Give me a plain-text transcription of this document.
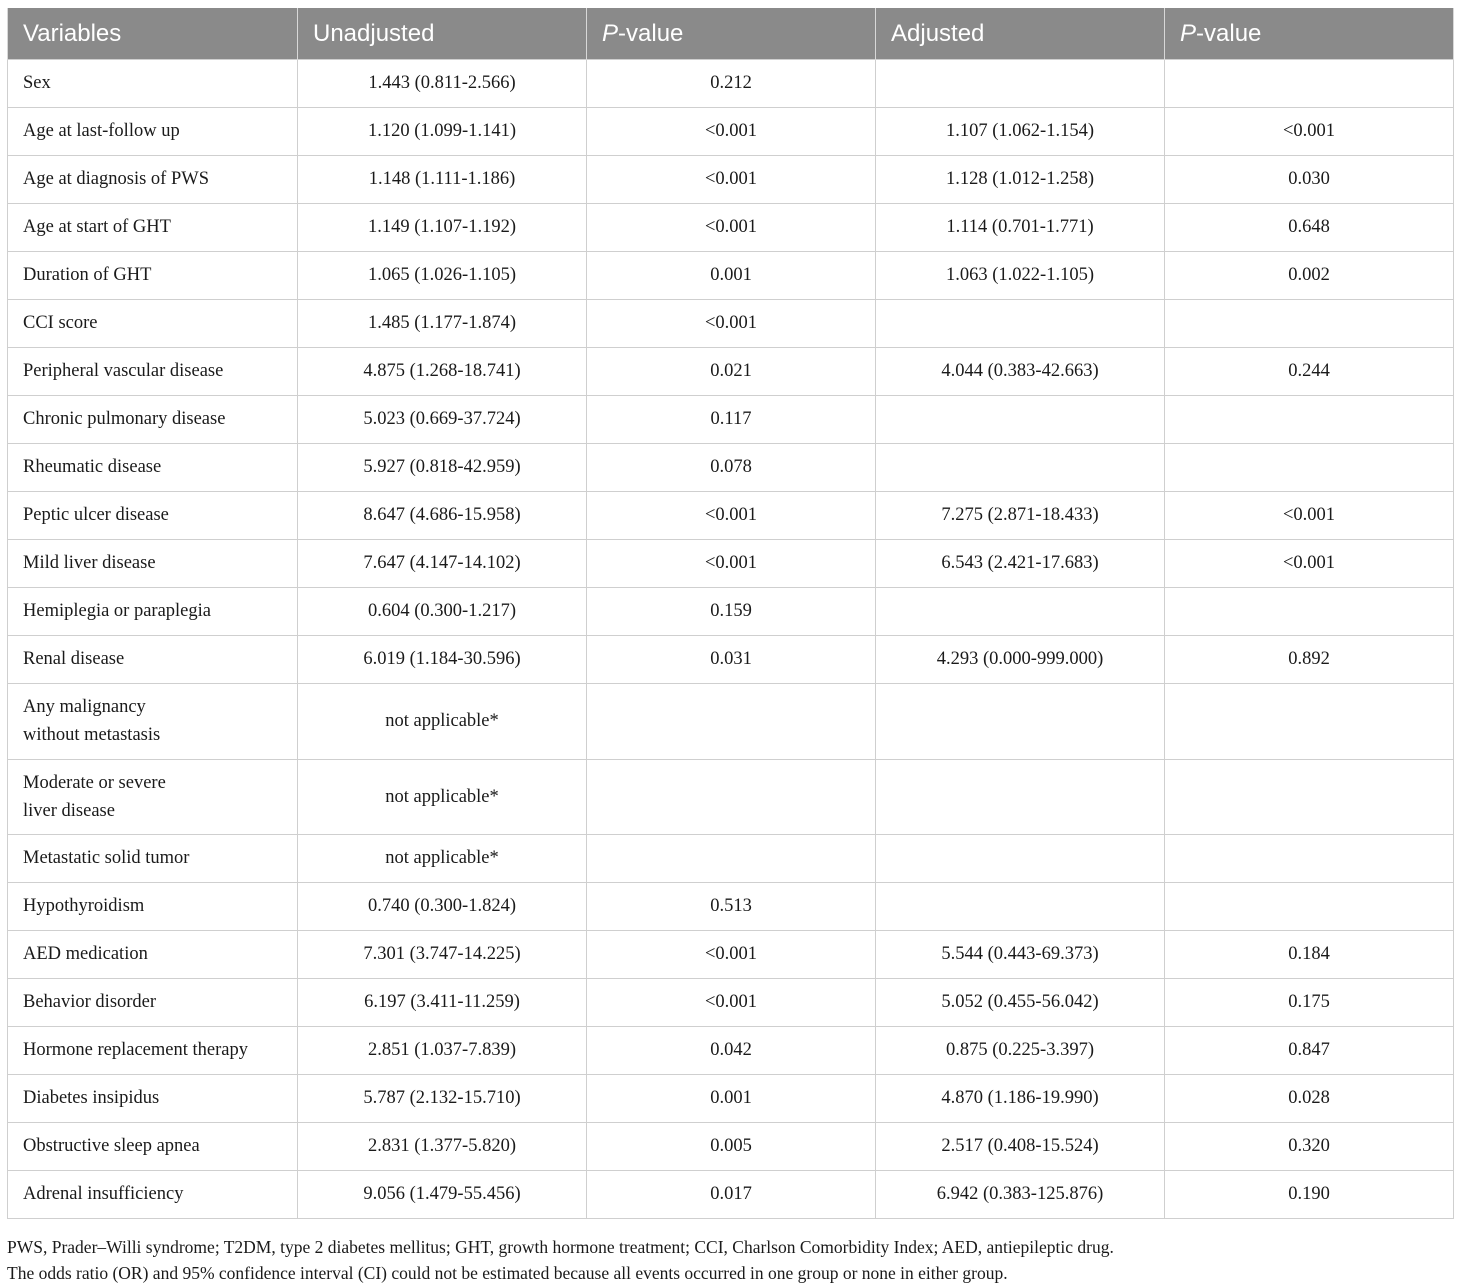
Variables	Unadjusted	P-value	Adjusted	P-value
Sex	1.443 (0.811-2.566)	0.212		
Age at last-follow up	1.120 (1.099-1.141)	<0.001	1.107 (1.062-1.154)	<0.001
Age at diagnosis of PWS	1.148 (1.111-1.186)	<0.001	1.128 (1.012-1.258)	0.030
Age at start of GHT	1.149 (1.107-1.192)	<0.001	1.114 (0.701-1.771)	0.648
Duration of GHT	1.065 (1.026-1.105)	0.001	1.063 (1.022-1.105)	0.002
CCI score	1.485 (1.177-1.874)	<0.001		
Peripheral vascular disease	4.875 (1.268-18.741)	0.021	4.044 (0.383-42.663)	0.244
Chronic pulmonary disease	5.023 (0.669-37.724)	0.117		
Rheumatic disease	5.927 (0.818-42.959)	0.078		
Peptic ulcer disease	8.647 (4.686-15.958)	<0.001	7.275 (2.871-18.433)	<0.001
Mild liver disease	7.647 (4.147-14.102)	<0.001	6.543 (2.421-17.683)	<0.001
Hemiplegia or paraplegia	0.604 (0.300-1.217)	0.159		
Renal disease	6.019 (1.184-30.596)	0.031	4.293 (0.000-999.000)	0.892
Any malignancy
without metastasis	not applicable*			
Moderate or severe
liver disease	not applicable*			
Metastatic solid tumor	not applicable*			
Hypothyroidism	0.740 (0.300-1.824)	0.513		
AED medication	7.301 (3.747-14.225)	<0.001	5.544 (0.443-69.373)	0.184
Behavior disorder	6.197 (3.411-11.259)	<0.001	5.052 (0.455-56.042)	0.175
Hormone replacement therapy	2.851 (1.037-7.839)	0.042	0.875 (0.225-3.397)	0.847
Diabetes insipidus	5.787 (2.132-15.710)	0.001	4.870 (1.186-19.990)	0.028
Obstructive sleep apnea	2.831 (1.377-5.820)	0.005	2.517 (0.408-15.524)	0.320
Adrenal insufficiency	9.056 (1.479-55.456)	0.017	6.942 (0.383-125.876)	0.190
PWS, Prader–Willi syndrome; T2DM, type 2 diabetes mellitus; GHT, growth hormone treatment; CCI, Charlson Comorbidity Index; AED, antiepileptic drug.
The odds ratio (OR) and 95% confidence interval (CI) could not be estimated because all events occurred in one group or none in either group.
